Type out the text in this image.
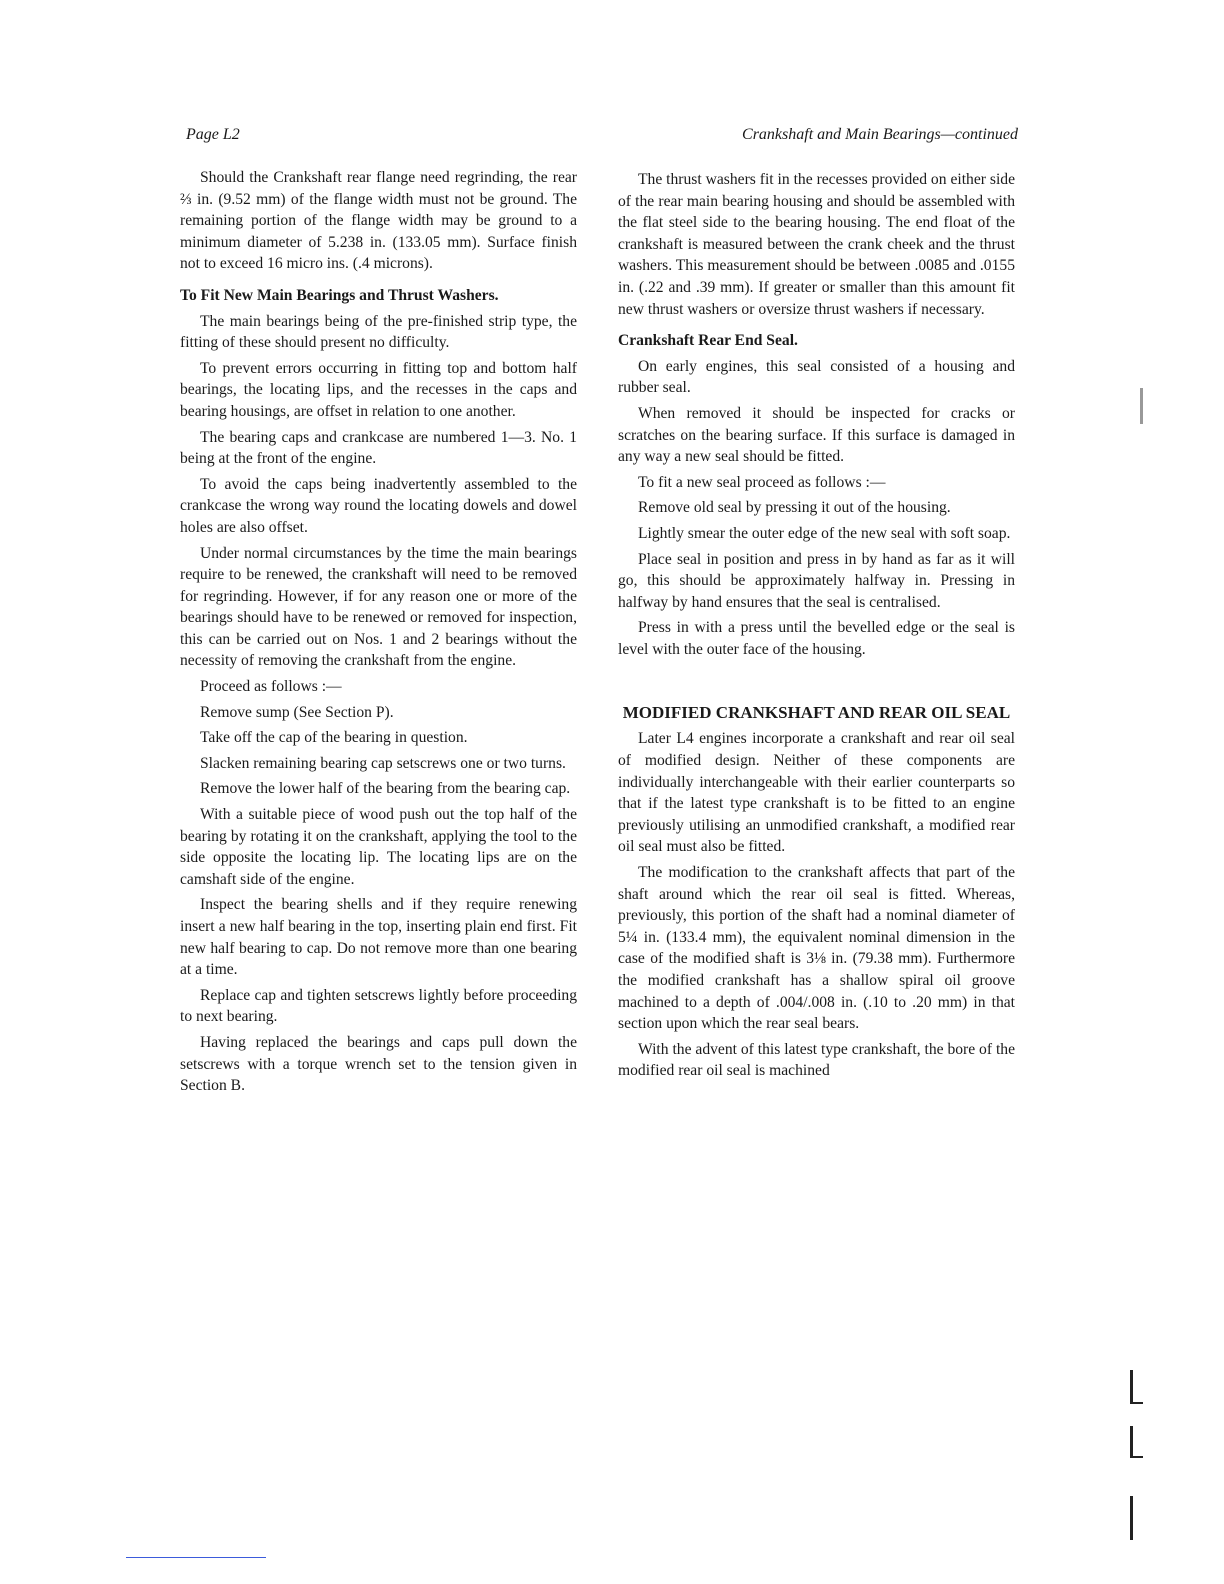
Page L2	Crankshaft and Main Bearings—continued

Should the Crankshaft rear flange need regrinding, the rear ⅔ in. (9.52 mm) of the flange width must not be ground. The remaining portion of the flange width may be ground to a minimum diameter of 5.238 in. (133.05 mm). Surface finish not to exceed 16 micro ins. (.4 microns).

To Fit New Main Bearings and Thrust Washers.

The main bearings being of the pre-finished strip type, the fitting of these should present no difficulty.

To prevent errors occurring in fitting top and bottom half bearings, the locating lips, and the recesses in the caps and bearing housings, are offset in relation to one another.

The bearing caps and crankcase are numbered 1—3. No. 1 being at the front of the engine.

To avoid the caps being inadvertently assembled to the crankcase the wrong way round the locating dowels and dowel holes are also offset.

Under normal circumstances by the time the main bearings require to be renewed, the crankshaft will need to be removed for regrinding. However, if for any reason one or more of the bearings should have to be renewed or removed for inspection, this can be carried out on Nos. 1 and 2 bearings without the necessity of removing the crankshaft from the engine.

Proceed as follows :—

Remove sump (See Section P).

Take off the cap of the bearing in question.

Slacken remaining bearing cap setscrews one or two turns.

Remove the lower half of the bearing from the bearing cap.

With a suitable piece of wood push out the top half of the bearing by rotating it on the crankshaft, applying the tool to the side opposite the locating lip. The locating lips are on the camshaft side of the engine.

Inspect the bearing shells and if they require renewing insert a new half bearing in the top, inserting plain end first. Fit new half bearing to cap. Do not remove more than one bearing at a time.

Replace cap and tighten setscrews lightly before proceeding to next bearing.

Having replaced the bearings and caps pull down the setscrews with a torque wrench set to the tension given in Section B.

The thrust washers fit in the recesses provided on either side of the rear main bearing housing and should be assembled with the flat steel side to the bearing housing. The end float of the crankshaft is measured between the crank cheek and the thrust washers. This measurement should be between .0085 and .0155 in. (.22 and .39 mm). If greater or smaller than this amount fit new thrust washers or oversize thrust washers if necessary.

Crankshaft Rear End Seal.

On early engines, this seal consisted of a housing and rubber seal.

When removed it should be inspected for cracks or scratches on the bearing surface. If this surface is damaged in any way a new seal should be fitted.

To fit a new seal proceed as follows :—

Remove old seal by pressing it out of the housing.

Lightly smear the outer edge of the new seal with soft soap.

Place seal in position and press in by hand as far as it will go, this should be approximately halfway in. Pressing in halfway by hand ensures that the seal is centralised.

Press in with a press until the bevelled edge or the seal is level with the outer face of the housing.

MODIFIED CRANKSHAFT AND REAR OIL SEAL

Later L4 engines incorporate a crankshaft and rear oil seal of modified design. Neither of these components are individually interchangeable with their earlier counterparts so that if the latest type crankshaft is to be fitted to an engine previously utilising an unmodified crankshaft, a modified rear oil seal must also be fitted.

The modification to the crankshaft affects that part of the shaft around which the rear oil seal is fitted. Whereas, previously, this portion of the shaft had a nominal diameter of 5¼ in. (133.4 mm), the equivalent nominal dimension in the case of the modified shaft is 3⅛ in. (79.38 mm). Furthermore the modified crankshaft has a shallow spiral oil groove machined to a depth of .004/.008 in. (.10 to .20 mm) in that section upon which the rear seal bears.

With the advent of this latest type crankshaft, the bore of the modified rear oil seal is machined
